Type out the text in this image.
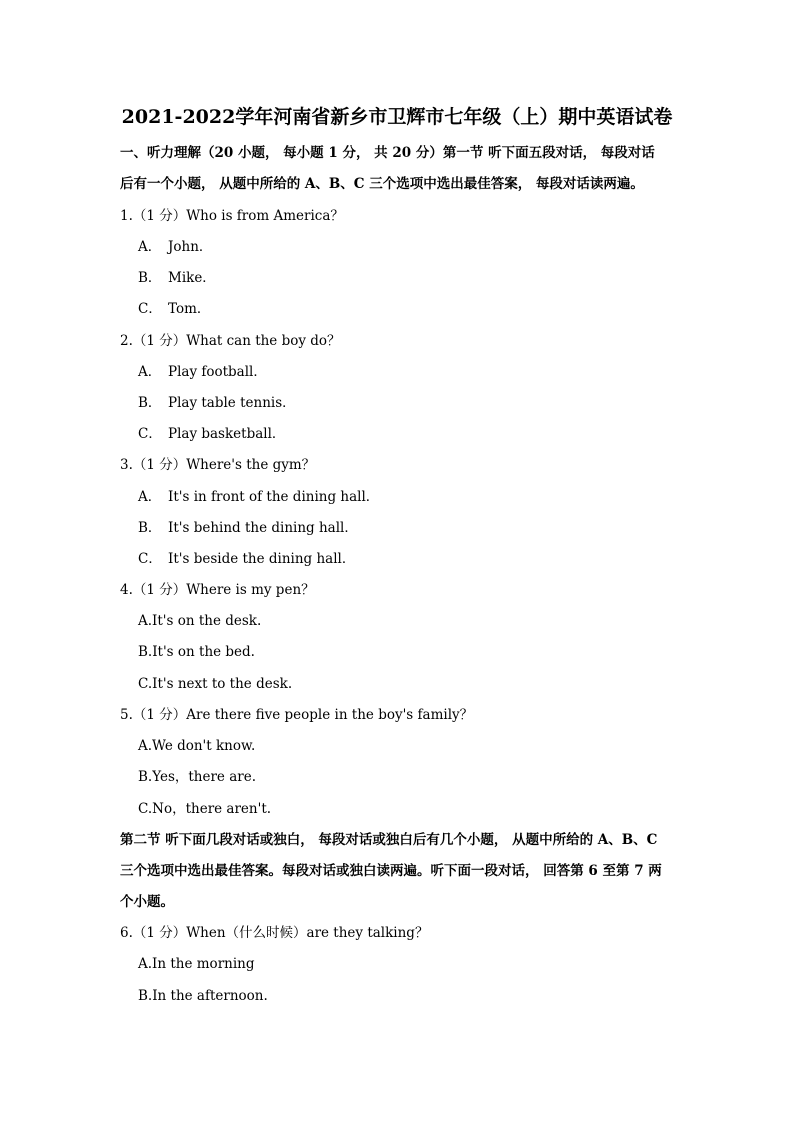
2021-2022学年河南省新乡市卫辉市七年级（上）期中英语试卷
一、听力理解（20 小题， 每小题 1 分， 共 20 分）第一节 听下面五段对话， 每段对话
后有一个小题， 从题中所给的 A、B、C 三个选项中选出最佳答案， 每段对话读两遍。
1.（1 分）Who is from America？
A． John．
B． Mike．
C． Tom．
2.（1 分）What can the boy do？
A． Play football．
B． Play table tennis．
C． Play basketball．
3.（1 分）Where's the gym？
A． It's in front of the dining hall．
B． It's behind the dining hall．
C． It's beside the dining hall．
4.（1 分）Where is my pen？
A.It's on the desk.
B.It's on the bed.
C.It's next to the desk.
5.（1 分）Are there five people in the boy's family？
A.We don't know.
B.Yes，there are.
C.No，there aren't.
第二节 听下面几段对话或独白， 每段对话或独白后有几个小题， 从题中所给的 A、B、C
三个选项中选出最佳答案。每段对话或独白读两遍。听下面一段对话， 回答第 6 至第 7 两
个小题。
6.（1 分）When（什么时候）are they talking？
A.In the morning
B.In the afternoon.
